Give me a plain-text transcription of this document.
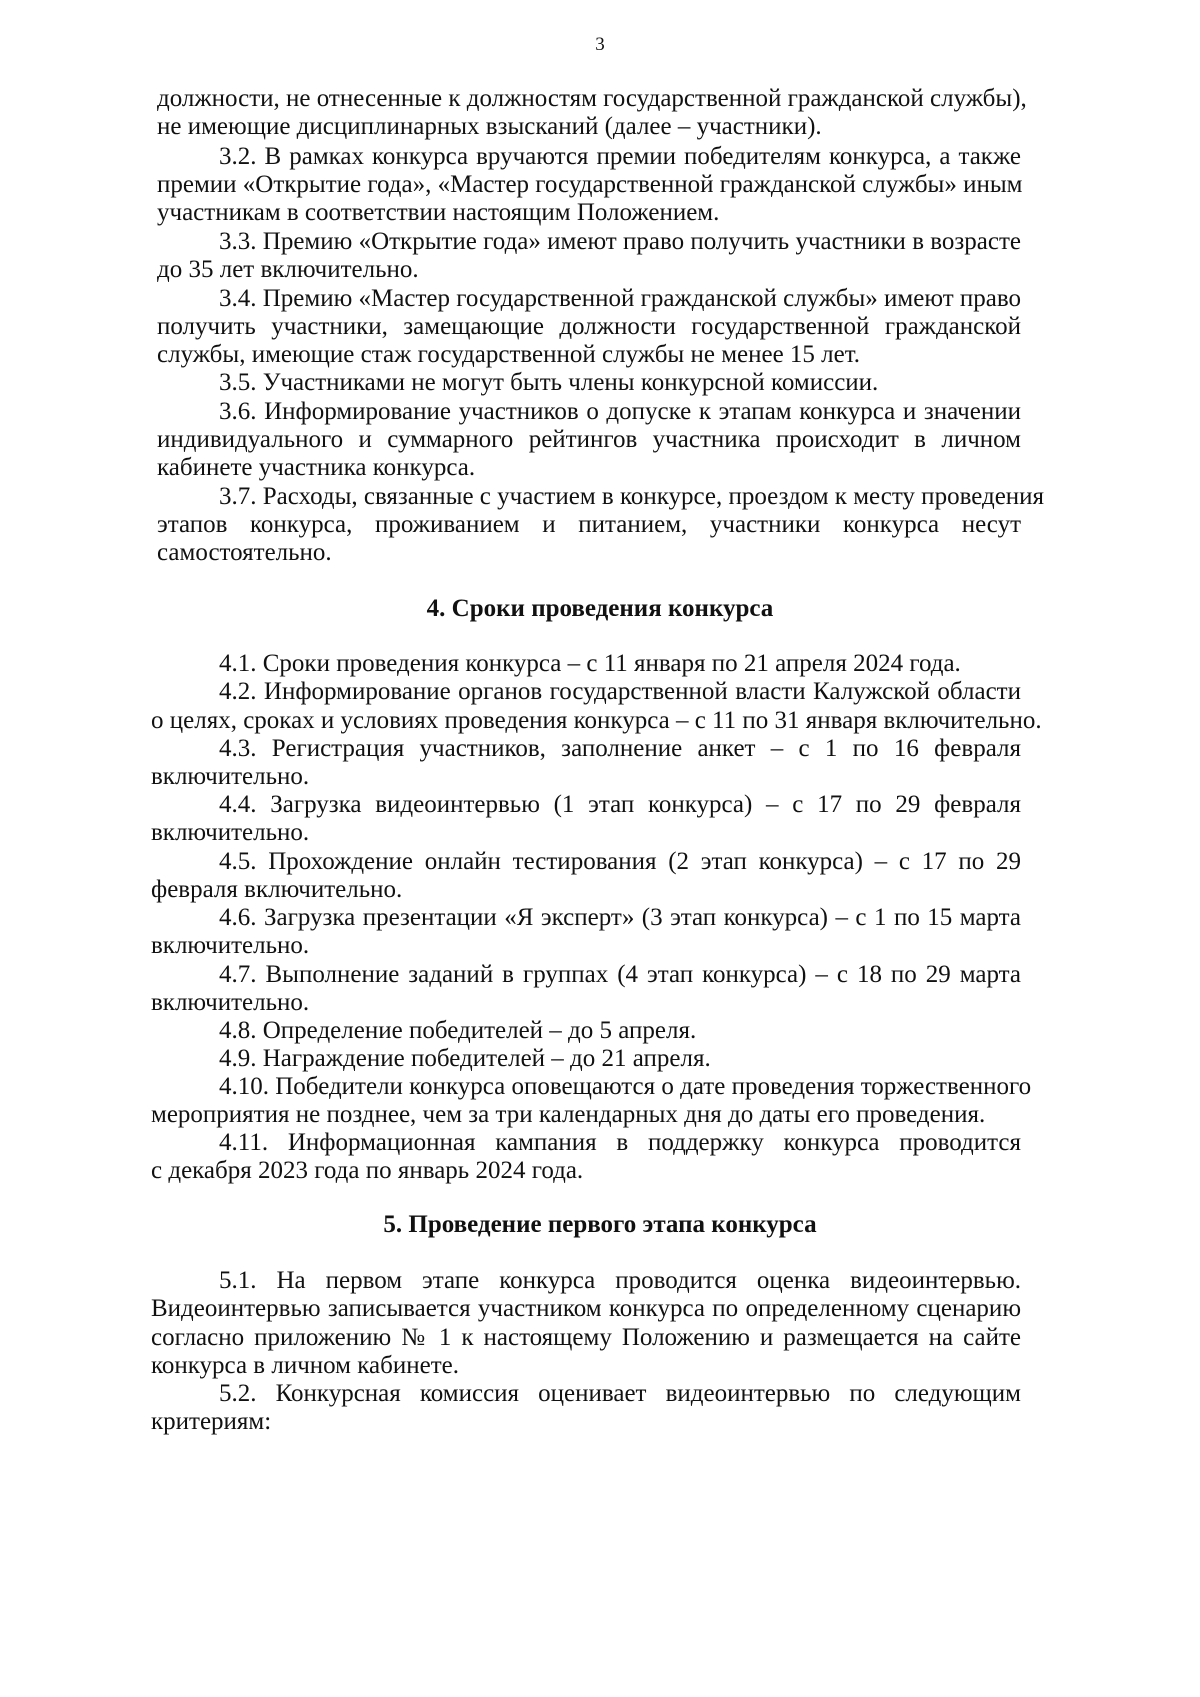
3
должности, не отнесенные к должностям государственной гражданской службы),
не имеющие дисциплинарных взысканий (далее – участники).
3.2. В рамках конкурса вручаются премии победителям конкурса, а также
премии «Открытие года», «Мастер государственной гражданской службы» иным
участникам в соответствии настоящим Положением.
3.3. Премию «Открытие года» имеют право получить участники в возрасте
до 35 лет включительно.
3.4. Премию «Мастер государственной гражданской службы» имеют право
получить участники, замещающие должности государственной гражданской
службы, имеющие стаж государственной службы не менее 15 лет.
3.5. Участниками не могут быть члены конкурсной комиссии.
3.6. Информирование участников о допуске к этапам конкурса и значении
индивидуального и суммарного рейтингов участника происходит в личном
кабинете участника конкурса.
3.7. Расходы, связанные с участием в конкурсе, проездом к месту проведения
этапов конкурса, проживанием и питанием, участники конкурса несут
самостоятельно.
4. Сроки проведения конкурса
4.1. Сроки проведения конкурса – с 11 января по 21 апреля 2024 года.
4.2. Информирование органов государственной власти Калужской области
о целях, сроках и условиях проведения конкурса – с 11 по 31 января включительно.
4.3. Регистрация участников, заполнение анкет – с 1 по 16 февраля
включительно.
4.4. Загрузка видеоинтервью (1 этап конкурса) – с 17 по 29 февраля
включительно.
4.5. Прохождение онлайн тестирования (2 этап конкурса) – с 17 по 29
февраля включительно.
4.6. Загрузка презентации «Я эксперт» (3 этап конкурса) – с 1 по 15 марта
включительно.
4.7. Выполнение заданий в группах (4 этап конкурса) – с 18 по 29 марта
включительно.
4.8. Определение победителей – до 5 апреля.
4.9. Награждение победителей – до 21 апреля.
4.10. Победители конкурса оповещаются о дате проведения торжественного
мероприятия не позднее, чем за три календарных дня до даты его проведения.
4.11. Информационная кампания в поддержку конкурса проводится
с декабря 2023 года по январь 2024 года.
5. Проведение первого этапа конкурса
5.1. На первом этапе конкурса проводится оценка видеоинтервью.
Видеоинтервью записывается участником конкурса по определенному сценарию
согласно приложению № 1 к настоящему Положению и размещается на сайте
конкурса в личном кабинете.
5.2. Конкурсная комиссия оценивает видеоинтервью по следующим
критериям:
